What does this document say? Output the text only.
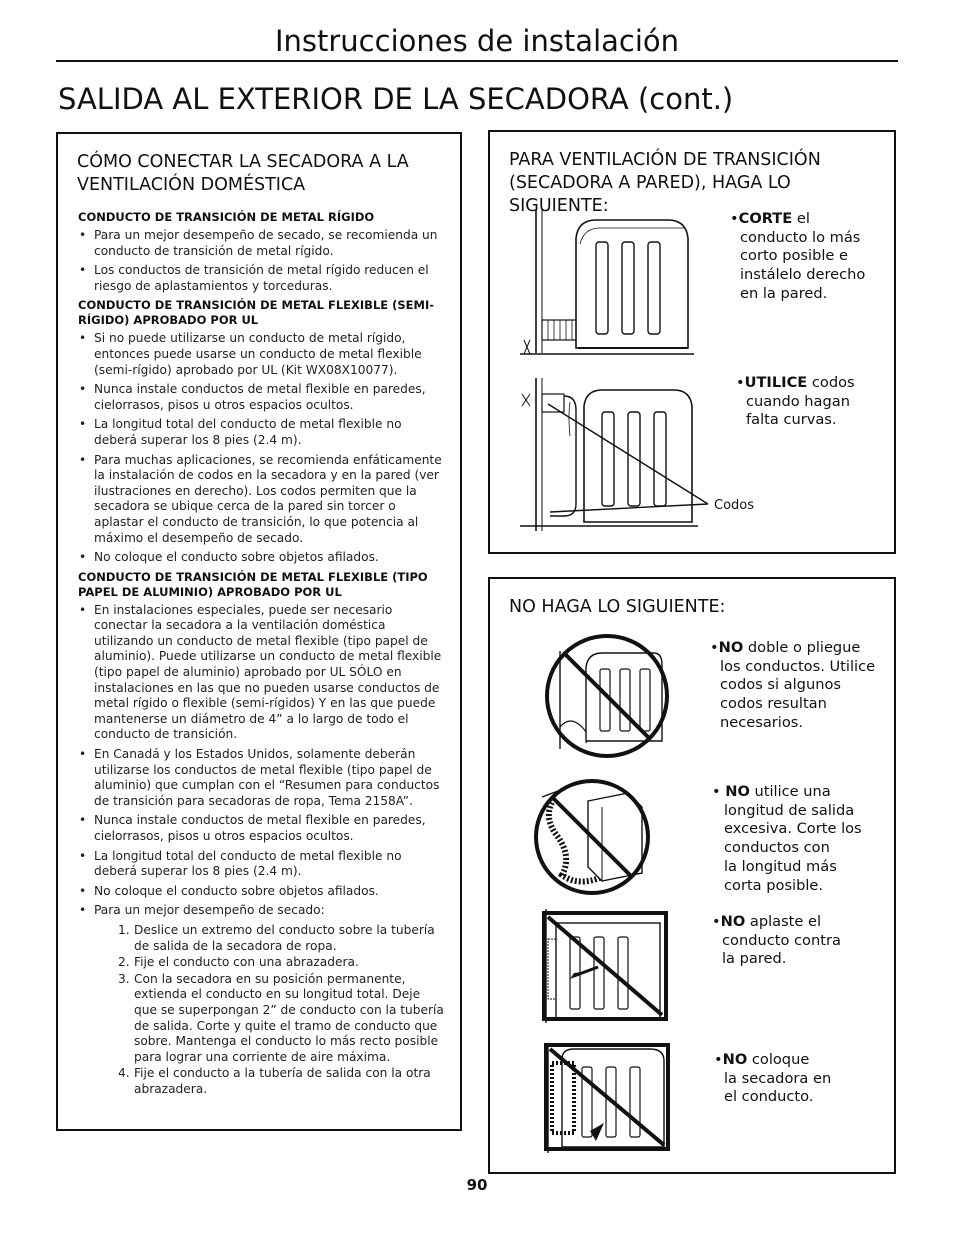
Instrucciones de instalación
SALIDA AL EXTERIOR DE LA SECADORA (cont.)
CÓMO CONECTAR LA SECADORA A LA VENTILACIÓN DOMÉSTICA

CONDUCTO DE TRANSICIÓN DE METAL RÍGIDO

• Para un mejor desempeño de secado, se recomienda un conducto de transición de metal rígido.
• Los conductos de transición de metal rígido reducen el riesgo de aplastamientos y torceduras.

CONDUCTO DE TRANSICIÓN DE METAL FLEXIBLE (SEMI-RÍGIDO) APROBADO POR UL

• Si no puede utilizarse un conducto de metal rígido, entonces puede usarse un conducto de metal flexible (semi-rígido) aprobado por UL (Kit WX08X10077).
• Nunca instale conductos de metal flexible en paredes, cielorrasos, pisos u otros espacios ocultos.
• La longitud total del conducto de metal flexible no deberá superar los 8 pies (2.4 m).
• Para muchas aplicaciones, se recomienda enfáticamente la instalación de codos en la secadora y en la pared (ver ilustraciones en derecho). Los codos permiten que la secadora se ubique cerca de la pared sin torcer o aplastar el conducto de transición, lo que potencia al máximo el desempeño de secado.
• No coloque el conducto sobre objetos afilados.

CONDUCTO DE TRANSICIÓN DE METAL FLEXIBLE (TIPO PAPEL DE ALUMINIO) APROBADO POR UL

• En instalaciones especiales, puede ser necesario conectar la secadora a la ventilación doméstica utilizando un conducto de metal flexible (tipo papel de aluminio). Puede utilizarse un conducto de metal flexible (tipo papel de aluminio) aprobado por UL SÓLO en instalaciones en las que no pueden usarse conductos de metal rígido o flexible (semi-rígidos) Y en las que puede mantenerse un diámetro de 4” a lo largo de todo el conducto de transición.
• En Canadá y los Estados Unidos, solamente deberán utilizarse los conductos de metal flexible (tipo papel de aluminio) que cumplan con el “Resumen para conductos de transición para secadoras de ropa, Tema 2158A”.
• Nunca instale conductos de metal flexible en paredes, cielorrasos, pisos u otros espacios ocultos.
• La longitud total del conducto de metal flexible no deberá superar los 8 pies (2.4 m).
• No coloque el conducto sobre objetos afilados.
• Para un mejor desempeño de secado:
1. Deslice un extremo del conducto sobre la tubería de salida de la secadora de ropa.
2. Fije el conducto con una abrazadera.
3. Con la secadora en su posición permanente, extienda el conducto en su longitud total. Deje que se superpongan 2” de conducto con la tubería de salida. Corte y quite el tramo de conducto que sobre. Mantenga el conducto lo más recto posible para lograr una corriente de aire máxima.
4. Fije el conducto a la tubería de salida con la otra abrazadera.
PARA VENTILACIÓN DE TRANSICIÓN
(SECADORA A PARED), HAGA LO SIGUIENTE:
•CORTE el
conducto lo más
corto posible e
instálelo derecho
en la pared.
•UTILICE codos
cuando hagan
falta curvas.
Codos
NO HAGA LO SIGUIENTE:
•NO doble o pliegue
los conductos. Utilice
codos si algunos
codos resultan
necesarios.
• NO utilice una
longitud de salida
excesiva. Corte los
conductos con
la longitud más
corta posible.
•NO aplaste el
conducto contra
la pared.
•NO coloque
la secadora en
el conducto.
90
